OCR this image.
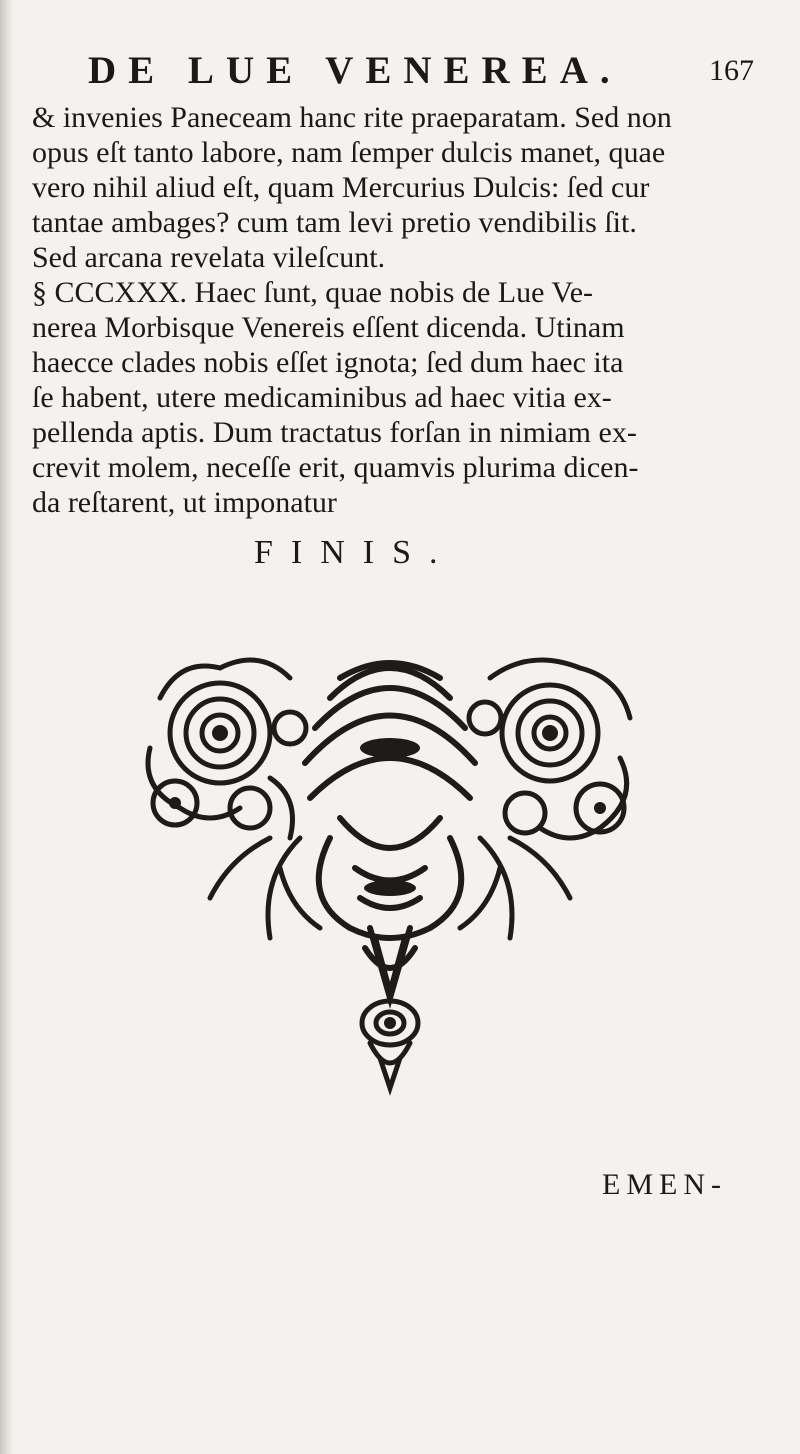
DE LUE VENEREA.	167
& invenies Paneceam hanc rite praeparatam. Sed non
opus eſt tanto labore, nam ſemper dulcis manet, quae
vero nihil aliud eſt, quam Mercurius Dulcis: ſed cur
tantae ambages? cum tam levi pretio vendibilis ſit.
Sed arcana revelata vileſcunt.
§ CCCXXX. Haec ſunt, quae nobis de Lue Ve-
nerea Morbisque Venereis eſſent dicenda. Utinam
haecce clades nobis eſſet ignota; ſed dum haec ita
ſe habent, utere medicaminibus ad haec vitia ex-
pellenda aptis. Dum tractatus forſan in nimiam ex-
crevit molem, neceſſe erit, quamvis plurima dicen-
da reſtarent, ut imponatur
FINIS.
EMEN-
